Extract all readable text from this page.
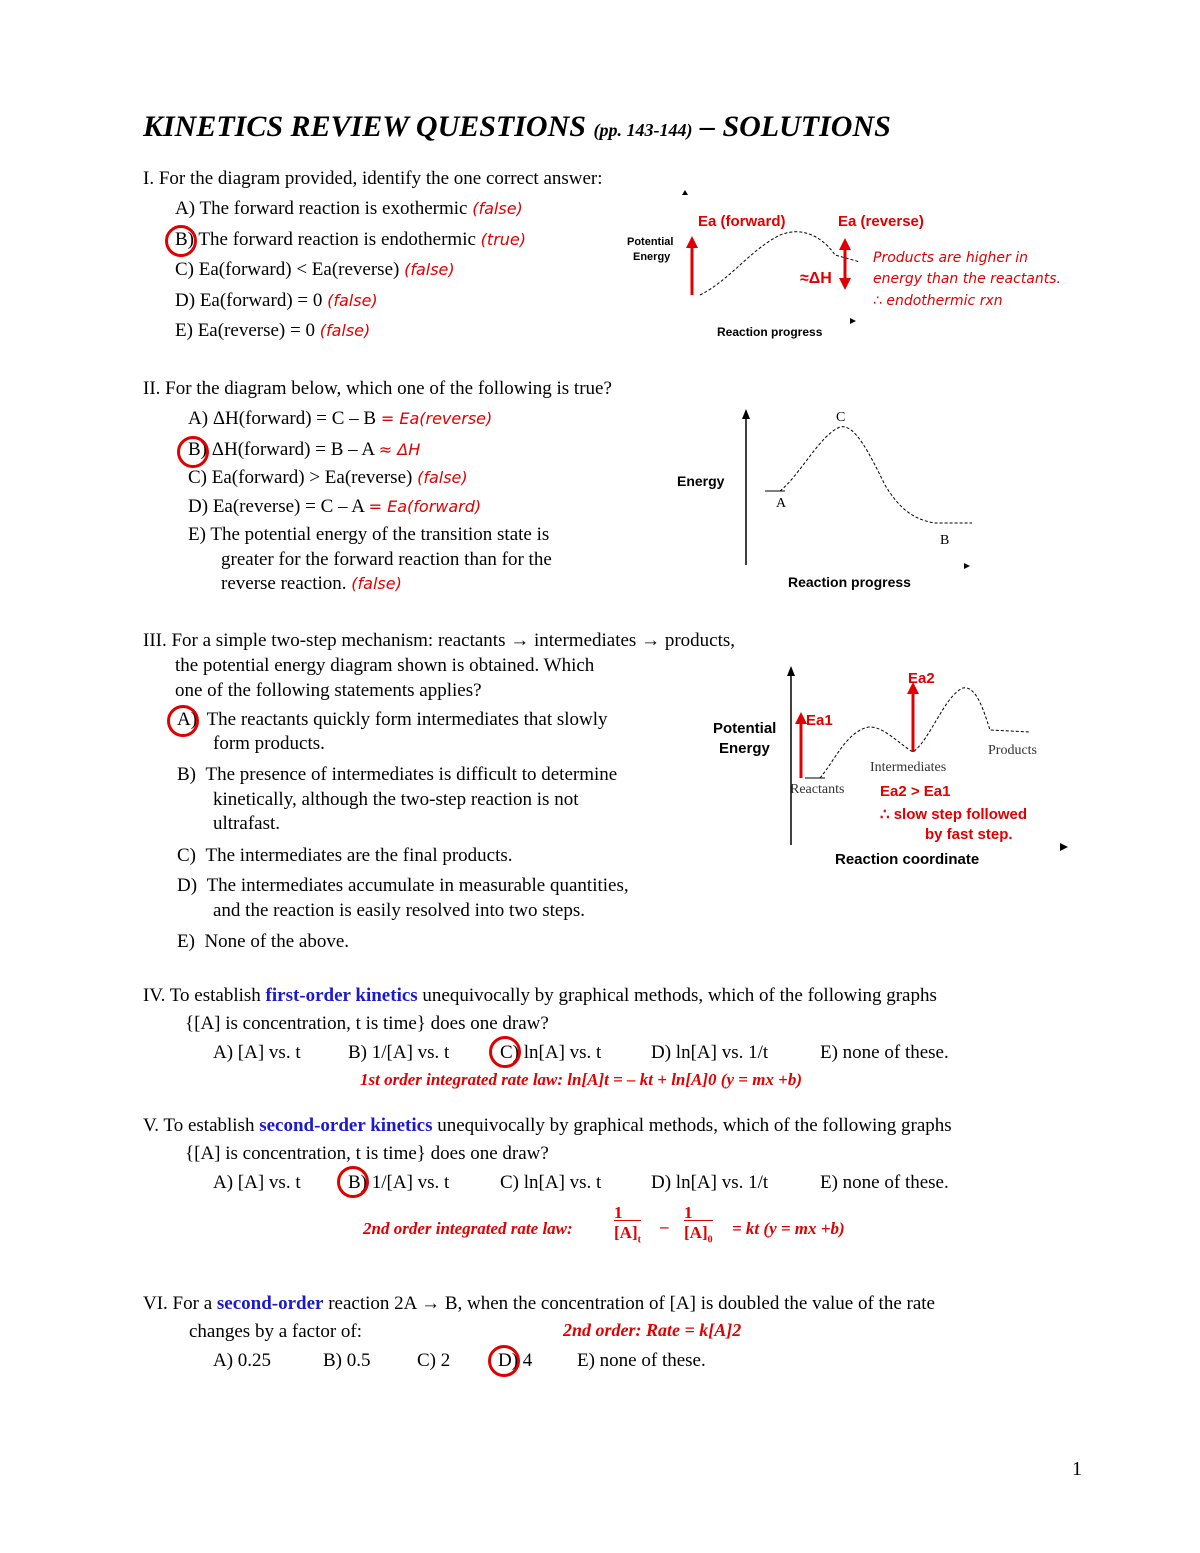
KINETICS REVIEW QUESTIONS (pp. 143-144) – SOLUTIONS
I. For the diagram provided, identify the one correct answer:
A) The forward reaction is exothermic (false)
B) The forward reaction is endothermic (true)
C) Ea(forward) < Ea(reverse) (false)
D) Ea(forward) = 0 (false)
E) Ea(reverse) = 0 (false)
Potential
Energy
Reaction progress
Ea (forward)	Ea (reverse)
≈ΔH
Products are higher in
energy than the reactants.
∴ endothermic rxn
II. For the diagram below, which one of the following is true?
A) ΔH(forward) = C – B = Ea(reverse)
B) ΔH(forward) = B – A ≈ ΔH
C) Ea(forward) > Ea(reverse) (false)
D) Ea(reverse) = C – A = Ea(forward)
E) The potential energy of the transition state is
greater for the forward reaction than for the
reverse reaction. (false)
Energy
Reaction progress
A
B
C
III. For a simple two-step mechanism: reactants → intermediates → products,
the potential energy diagram shown is obtained. Which
one of the following statements applies?
A) The reactants quickly form intermediates that slowly
form products.
B) The presence of intermediates is difficult to determine
kinetically, although the two-step reaction is not
ultrafast.
C) The intermediates are the final products.
D) The intermediates accumulate in measurable quantities,
and the reaction is easily resolved into two steps.
E) None of the above.
Potential
Energy
Reaction coordinate
Ea1
Ea2
Reactants
Intermediates
Products
Ea2 > Ea1
∴ slow step followed
by fast step.
IV. To establish first-order kinetics unequivocally by graphical methods, which of the following graphs
{[A] is concentration, t is time} does one draw?
A) [A] vs. t B) 1/[A] vs. t	C) ln[A] vs. t	D) ln[A] vs. 1/t	E) none of these.
1st order integrated rate law: ln[A]t = – kt + ln[A]0 (y = mx +b)
V. To establish second-order kinetics unequivocally by graphical methods, which of the following graphs
{[A] is concentration, t is time} does one draw?
A) [A] vs. t B) 1/[A] vs. t	C) ln[A] vs. t	D) ln[A] vs. 1/t	E) none of these.
2nd order integrated rate law:
1
$[A]_t$
–
1
$[A]_0$
= kt (y = mx +b)
VI. For a second-order reaction 2A → B, when the concentration of [A] is doubled the value of the rate
changes by a factor of:	2nd order: Rate = k[A]2
A) 0.25	B) 0.5 C) 2	D) 4 E) none of these.
1
